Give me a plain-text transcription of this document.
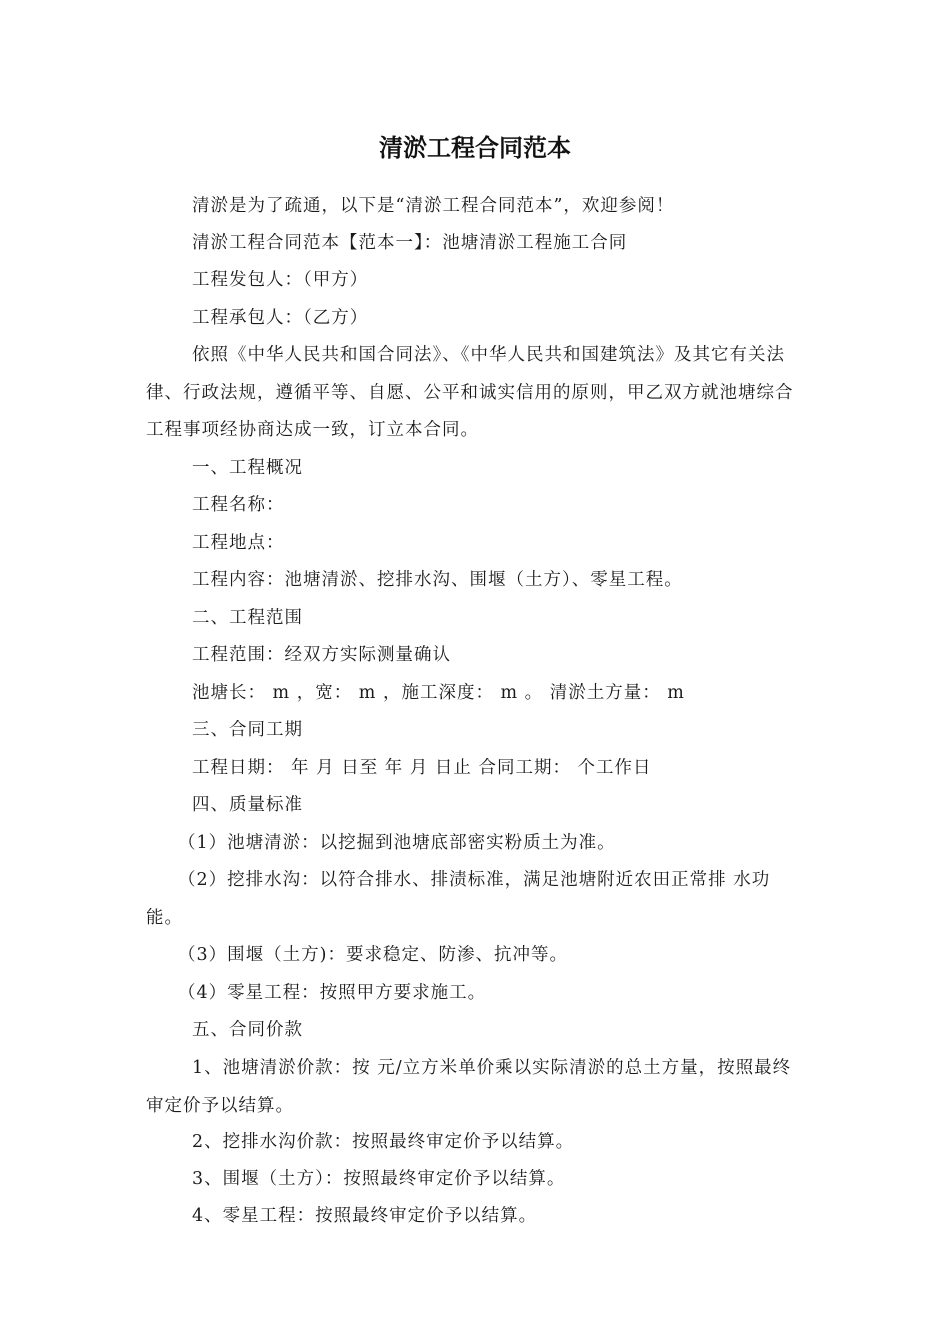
清淤工程合同范本
清淤是为了疏通，以下是“清淤工程合同范本”，欢迎参阅！
清淤工程合同范本【范本一】：池塘清淤工程施工合同
工程发包人：（甲方）
工程承包人：（乙方）
依照《中华人民共和国合同法》、《中华人民共和国建筑法》及其它有关法律、行政法规，遵循平等、自愿、公平和诚实信用的原则，甲乙双方就池塘综合工程事项经协商达成一致，订立本合同。
一、工程概况
工程名称：
工程地点：
工程内容：池塘清淤、挖排水沟、围堰（土方）、零星工程。
二、工程范围
工程范围：经双方实际测量确认
池塘长： m ，宽： m ，施工深度： m 。 清淤土方量： m
三、合同工期
工程日期： 年 月 日至 年 月 日止 合同工期： 个工作日
四、质量标准
（1）池塘清淤：以挖掘到池塘底部密实粉质土为准。
（2）挖排水沟：以符合排水、排渍标准，满足池塘附近农田正常排 水功能。
（3）围堰（土方)：要求稳定、防渗、抗冲等。
（4）零星工程：按照甲方要求施工。
五、合同价款
1、池塘清淤价款：按 元/立方米单价乘以实际清淤的总土方量，按照最终审定价予以结算。
2、挖排水沟价款：按照最终审定价予以结算。
3、围堰（土方）：按照最终审定价予以结算。
4、零星工程：按照最终审定价予以结算。
